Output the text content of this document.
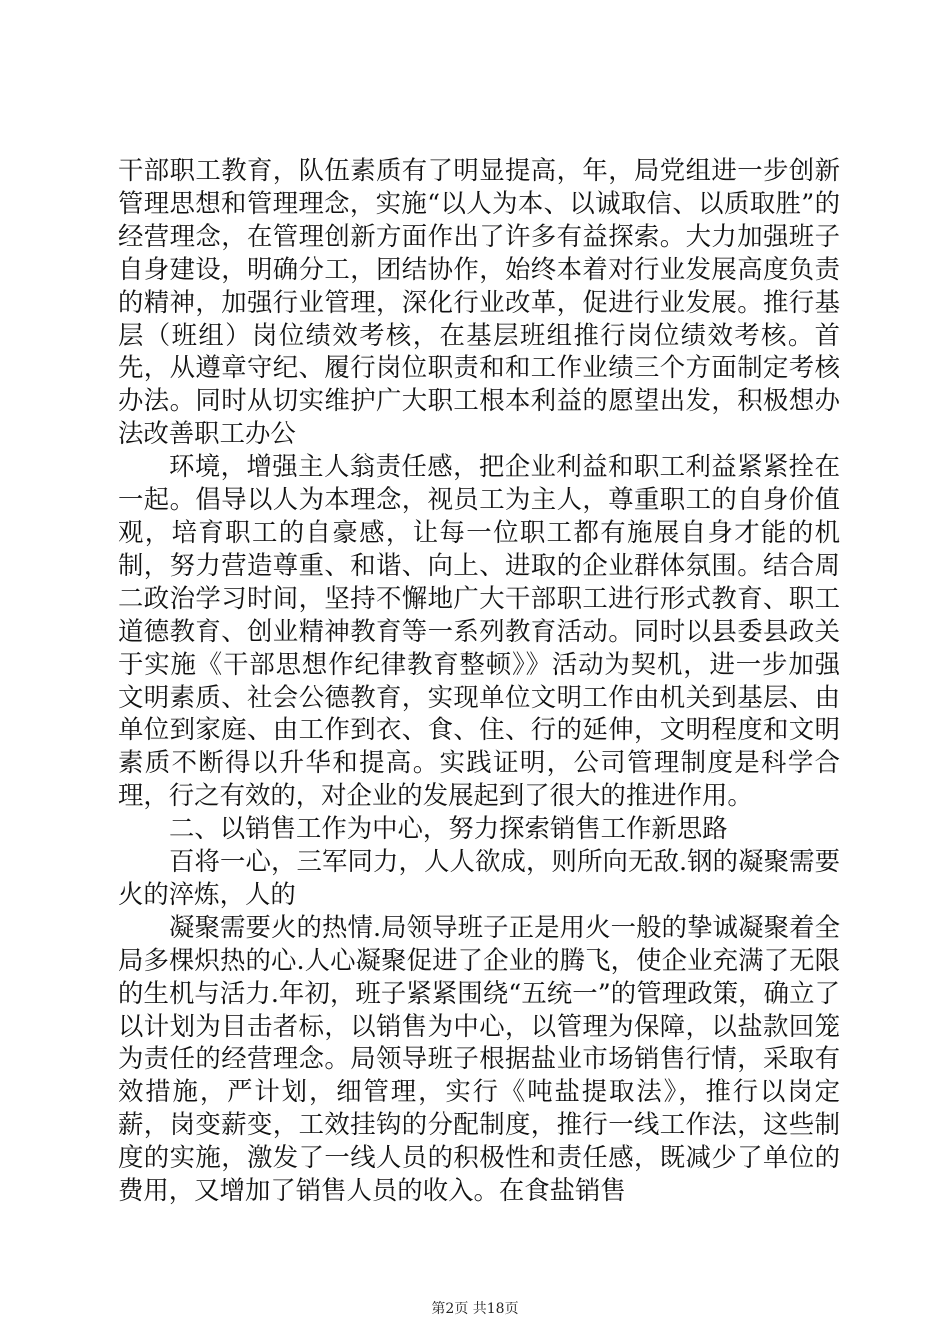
干部职工教育，队伍素质有了明显提高，年，局党组进一步创新管理思想和管理理念，实施“以人为本、以诚取信、以质取胜”的经营理念，在管理创新方面作出了许多有益探索。大力加强班子自身建设，明确分工，团结协作，始终本着对行业发展高度负责的精神，加强行业管理，深化行业改革，促进行业发展。推行基层（班组）岗位绩效考核，在基层班组推行岗位绩效考核。首先，从遵章守纪、履行岗位职责和和工作业绩三个方面制定考核办法。同时从切实维护广大职工根本利益的愿望出发，积极想办法改善职工办公

环境，增强主人翁责任感，把企业利益和职工利益紧紧拴在一起。倡导以人为本理念，视员工为主人，尊重职工的自身价值观，培育职工的自豪感，让每一位职工都有施展自身才能的机制，努力营造尊重、和谐、向上、进取的企业群体氛围。结合周二政治学习时间，坚持不懈地广大干部职工进行形式教育、职工道德教育、创业精神教育等一系列教育活动。同时以县委县政关于实施《干部思想作纪律教育整顿》》活动为契机，进一步加强文明素质、社会公德教育，实现单位文明工作由机关到基层、由单位到家庭、由工作到衣、食、住、行的延伸，文明程度和文明素质不断得以升华和提高。实践证明，公司管理制度是科学合理，行之有效的，对企业的发展起到了很大的推进作用。

二、以销售工作为中心，努力探索销售工作新思路

百将一心，三军同力，人人欲成，则所向无敌.钢的凝聚需要火的淬炼，人的

凝聚需要火的热情.局领导班子正是用火一般的挚诚凝聚着全局多棵炽热的心.人心凝聚促进了企业的腾飞，使企业充满了无限的生机与活力.年初，班子紧紧围绕“五统一”的管理政策，确立了以计划为目击者标，以销售为中心，以管理为保障，以盐款回笼为责任的经营理念。局领导班子根据盐业市场销售行情，采取有效措施，严计划，细管理，实行《吨盐提取法》，推行以岗定薪，岗变薪变，工效挂钩的分配制度，推行一线工作法，这些制度的实施，激发了一线人员的积极性和责任感，既减少了单位的费用，又增加了销售人员的收入。在食盐销售

第2页 共18页
